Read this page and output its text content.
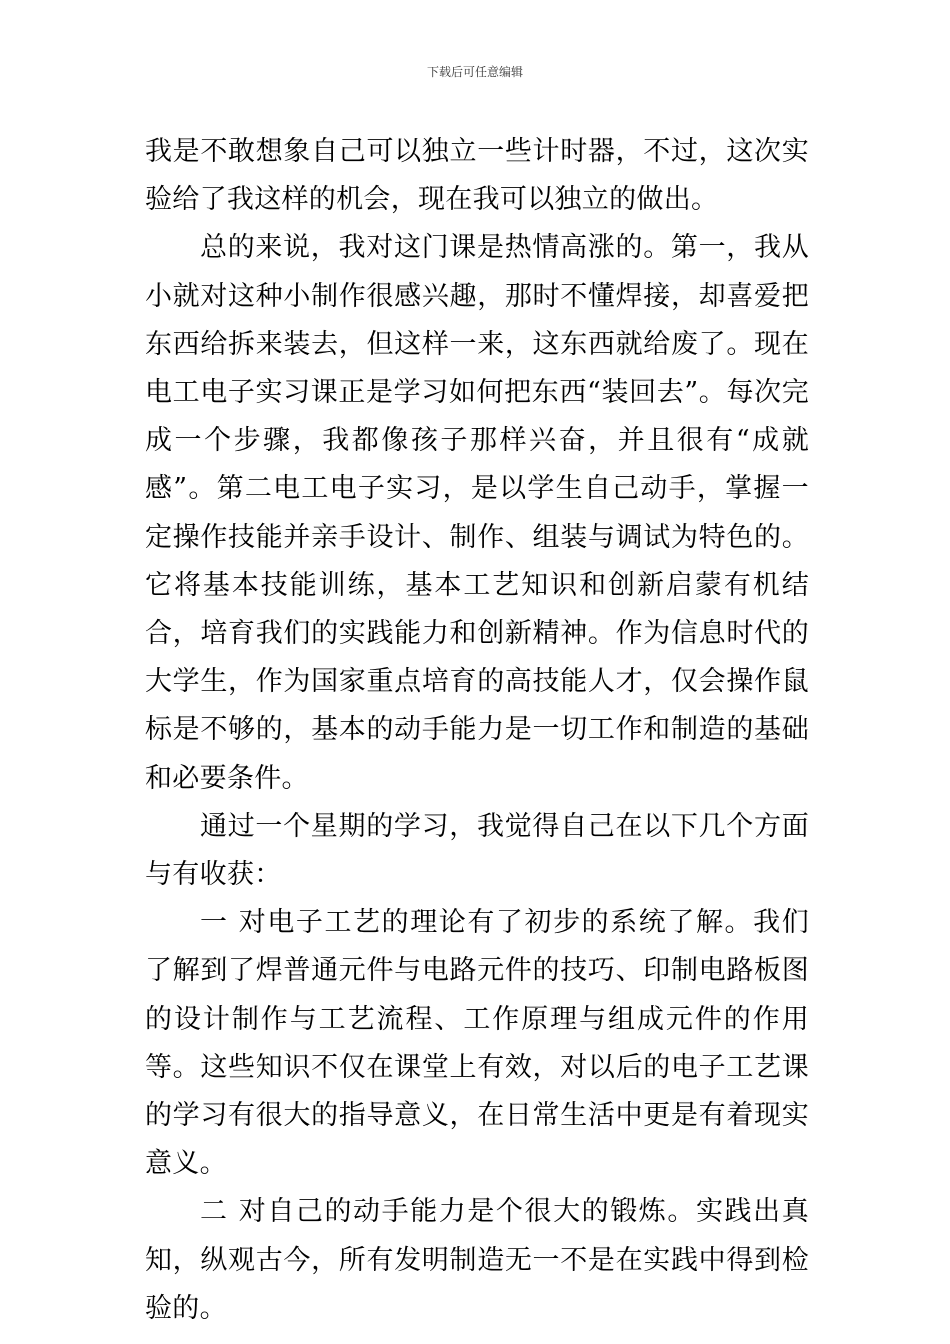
下载后可任意编辑

我是不敢想象自己可以独立一些计时器，不过，这次实验给了我这样的机会，现在我可以独立的做出。

总的来说，我对这门课是热情高涨的。第一，我从小就对这种小制作很感兴趣，那时不懂焊接，却喜爱把东西给拆来装去，但这样一来，这东西就给废了。现在电工电子实习课正是学习如何把东西“装回去”。每次完成一个步骤，我都像孩子那样兴奋，并且很有“成就感”。第二电工电子实习，是以学生自己动手，掌握一定操作技能并亲手设计、制作、组装与调试为特色的。它将基本技能训练，基本工艺知识和创新启蒙有机结合，培育我们的实践能力和创新精神。作为信息时代的大学生，作为国家重点培育的高技能人才，仅会操作鼠标是不够的，基本的动手能力是一切工作和制造的基础和必要条件。

通过一个星期的学习，我觉得自己在以下几个方面与有收获：

一 对电子工艺的理论有了初步的系统了解。我们了解到了焊普通元件与电路元件的技巧、印制电路板图的设计制作与工艺流程、工作原理与组成元件的作用等。这些知识不仅在课堂上有效，对以后的电子工艺课的学习有很大的指导意义，在日常生活中更是有着现实意义。

二 对自己的动手能力是个很大的锻炼。实践出真知，纵观古今，所有发明制造无一不是在实践中得到检验的。
